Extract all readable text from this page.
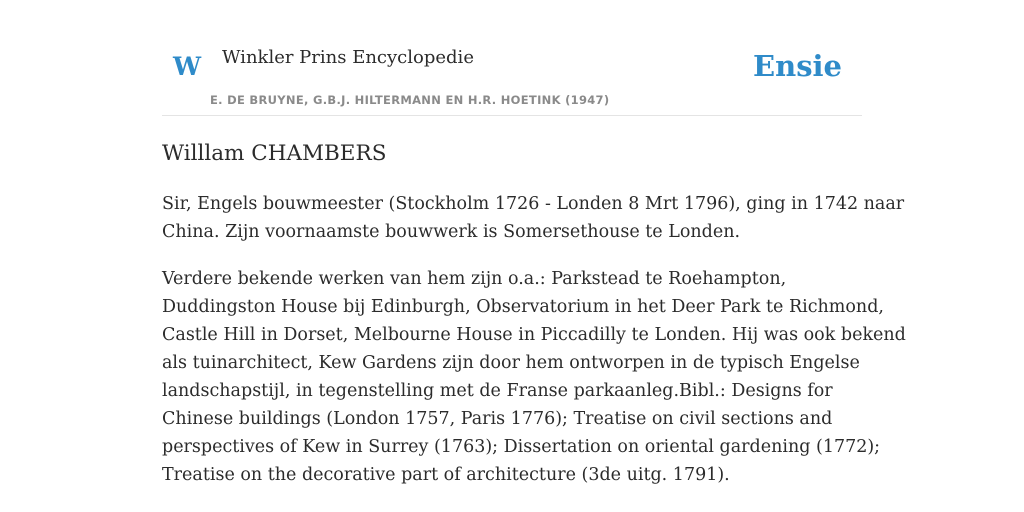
W Winkler Prins Encyclopedie
E. DE BRUYNE, G.B.J. HILTERMANN EN H.R. HOETINK (1947)
Ensie
Willlam CHAMBERS

Sir, Engels bouwmeester (Stockholm 1726 - Londen 8 Mrt 1796), ging in 1742 naar
China. Zijn voornaamste bouwwerk is Somersethouse te Londen.

Verdere bekende werken van hem zijn o.a.: Parkstead te Roehampton,
Duddingston House bij Edinburgh, Observatorium in het Deer Park te Richmond,
Castle Hill in Dorset, Melbourne House in Piccadilly te Londen. Hij was ook bekend
als tuinarchitect, Kew Gardens zijn door hem ontworpen in de typisch Engelse
landschapstijl, in tegenstelling met de Franse parkaanleg.Bibl.: Designs for
Chinese buildings (London 1757, Paris 1776); Treatise on civil sections and
perspectives of Kew in Surrey (1763); Dissertation on oriental gardening (1772);
Treatise on the decorative part of architecture (3de uitg. 1791).
